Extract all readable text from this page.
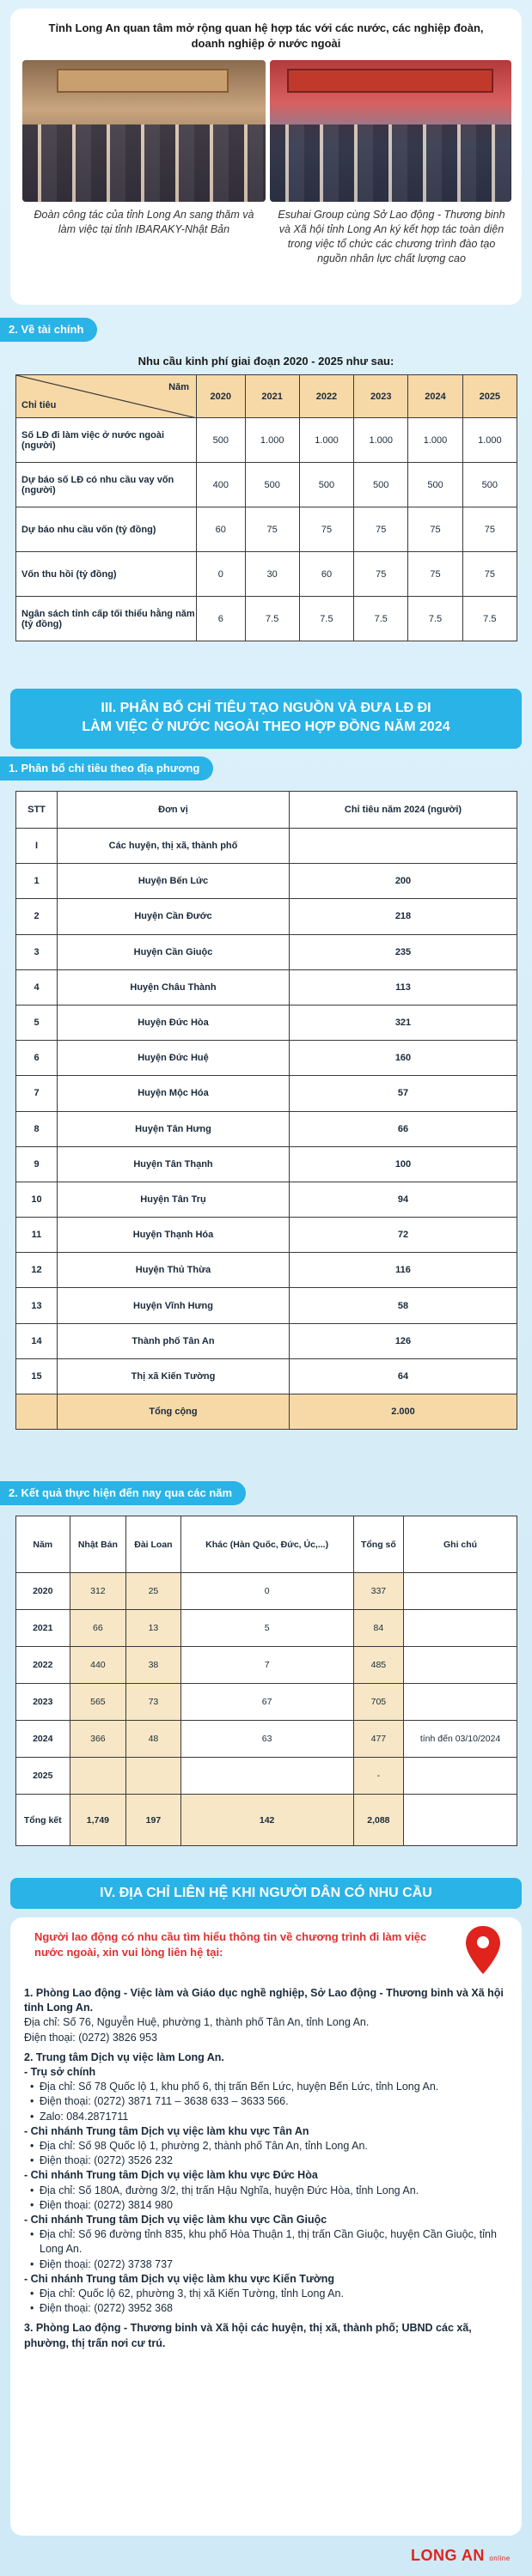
Tỉnh Long An quan tâm mở rộng quan hệ hợp tác với các nước, các nghiệp đoàn, doanh nghiệp ở nước ngoài
Đoàn công tác của tỉnh Long An sang thăm và làm việc tại tỉnh IBARAKY-Nhật Bản
Esuhai Group cùng Sở Lao động - Thương binh và Xã hội tỉnh Long An ký kết hợp tác toàn diện trong việc tổ chức các chương trình đào tạo nguồn nhân lực chất lượng cao
2. Về tài chính
Nhu cầu kinh phí giai đoạn 2020 - 2025 như sau:
Năm
Chỉ tiêu	2020	2021	2022	2023	2024	2025
Số LĐ đi làm việc ở nước ngoài (người)	500	1.000	1.000	1.000	1.000	1.000
Dự báo số LĐ có nhu cầu vay vốn (người)	400	500	500	500	500	500
Dự báo nhu cầu vốn (tỷ đồng)	60	75	75	75	75	75
Vốn thu hồi (tỷ đồng)	0	30	60	75	75	75
Ngân sách tỉnh cấp tối thiểu hằng năm (tỷ đồng)	6	7.5	7.5	7.5	7.5	7.5
III. PHÂN BỔ CHỈ TIÊU TẠO NGUỒN VÀ ĐƯA LĐ ĐI
LÀM VIỆC Ở NƯỚC NGOÀI THEO HỢP ĐỒNG NĂM 2024
1. Phân bổ chỉ tiêu theo địa phương
STT	Đơn vị	Chỉ tiêu năm 2024 (người)
I	Các huyện, thị xã, thành phố	
1	Huyện Bến Lức	200
2	Huyện Cần Đước	218
3	Huyện Cần Giuộc	235
4	Huyện Châu Thành	113
5	Huyện Đức Hòa	321
6	Huyện Đức Huệ	160
7	Huyện Mộc Hóa	57
8	Huyện Tân Hưng	66
9	Huyện Tân Thạnh	100
10	Huyện Tân Trụ	94
11	Huyện Thạnh Hóa	72
12	Huyện Thủ Thừa	116
13	Huyện Vĩnh Hưng	58
14	Thành phố Tân An	126
15	Thị xã Kiến Tường	64
	Tổng cộng	2.000
2. Kết quả thực hiện đến nay qua các năm
Năm	Nhật Bản	Đài Loan	Khác (Hàn Quốc, Đức, Úc,...)	Tổng số	Ghi chú
2020	312	25	0	337	
2021	66	13	5	84	
2022	440	38	7	485	
2023	565	73	67	705	
2024	366	48	63	477	tính đến 03/10/2024
2025				-	
Tổng kết	1,749	197	142	2,088	
IV. ĐỊA CHỈ LIÊN HỆ KHI NGƯỜI DÂN CÓ NHU CẦU
Người lao động có nhu cầu tìm hiểu thông tin về chương trình đi làm việc nước ngoài, xin vui lòng liên hệ tại:
1. Phòng Lao động - Việc làm và Giáo dục nghề nghiệp, Sở Lao động - Thương binh và Xã hội tỉnh Long An.
Địa chỉ: Số 76, Nguyễn Huệ, phường 1, thành phố Tân An, tỉnh Long An.
Điện thoại: (0272) 3826 953
2. Trung tâm Dịch vụ việc làm Long An.
- Trụ sở chính
• Địa chỉ: Số 78 Quốc lộ 1, khu phố 6, thị trấn Bến Lức, huyện Bến Lức, tỉnh Long An.
• Điện thoại: (0272) 3871 711 – 3638 633 – 3633 566.
• Zalo: 084.2871711
- Chi nhánh Trung tâm Dịch vụ việc làm khu vực Tân An
• Địa chỉ: Số 98 Quốc lộ 1, phường 2, thành phố Tân An, tỉnh Long An.
• Điện thoại: (0272) 3526 232
- Chi nhánh Trung tâm Dịch vụ việc làm khu vực Đức Hòa
• Địa chỉ: Số 180A, đường 3/2, thị trấn Hậu Nghĩa, huyện Đức Hòa, tỉnh Long An.
• Điện thoại: (0272) 3814 980
- Chi nhánh Trung tâm Dịch vụ việc làm khu vực Cần Giuộc
• Địa chỉ: Số 96 đường tỉnh 835, khu phố Hòa Thuận 1, thị trấn Cần Giuộc, huyện Cần Giuộc, tỉnh Long An.
• Điện thoại: (0272) 3738 737
- Chi nhánh Trung tâm Dịch vụ việc làm khu vực Kiến Tường
• Địa chỉ: Quốc lộ 62, phường 3, thị xã Kiến Tường, tỉnh Long An.
• Điện thoại: (0272) 3952 368
3. Phòng Lao động - Thương binh và Xã hội các huyện, thị xã, thành phố; UBND các xã, phường, thị trấn nơi cư trú.
LONG AN online
